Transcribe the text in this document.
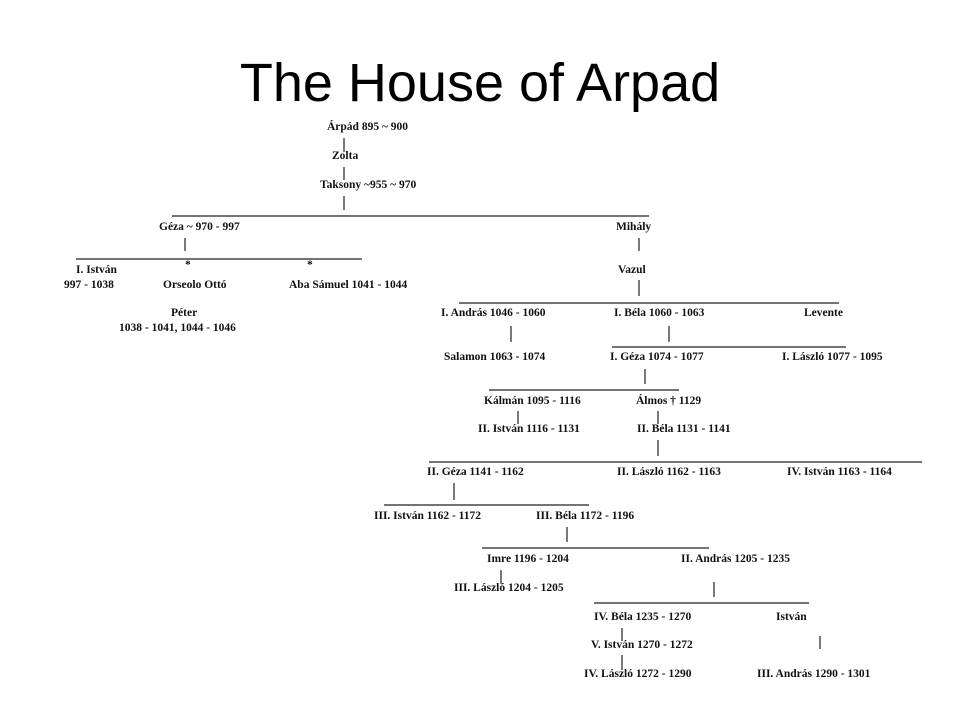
The House of Arpad
Árpád 895 ~ 900
Zolta
Taksony ~955 ~ 970
Géza ~ 970 - 997	Mihály
I. István
997 - 1038
*
Orseolo Ottó
*
Aba Sámuel 1041 - 1044
Péter
1038 - 1041, 1044 - 1046
Vazul
I. András 1046 - 1060	I. Béla 1060 - 1063	Levente
Salamon 1063 - 1074	I. Géza 1074 - 1077	I. László 1077 - 1095
Kálmán 1095 - 1116	Álmos † 1129
II. István 1116 - 1131	II. Béla 1131 - 1141
II. Géza 1141 - 1162	II. László 1162 - 1163	IV. István 1163 - 1164
III. István 1162 - 1172	III. Béla 1172 - 1196
Imre 1196 - 1204	II. András 1205 - 1235
III. László 1204 - 1205
IV. Béla 1235 - 1270	István
V. István 1270 - 1272
IV. László 1272 - 1290	III. András 1290 - 1301
